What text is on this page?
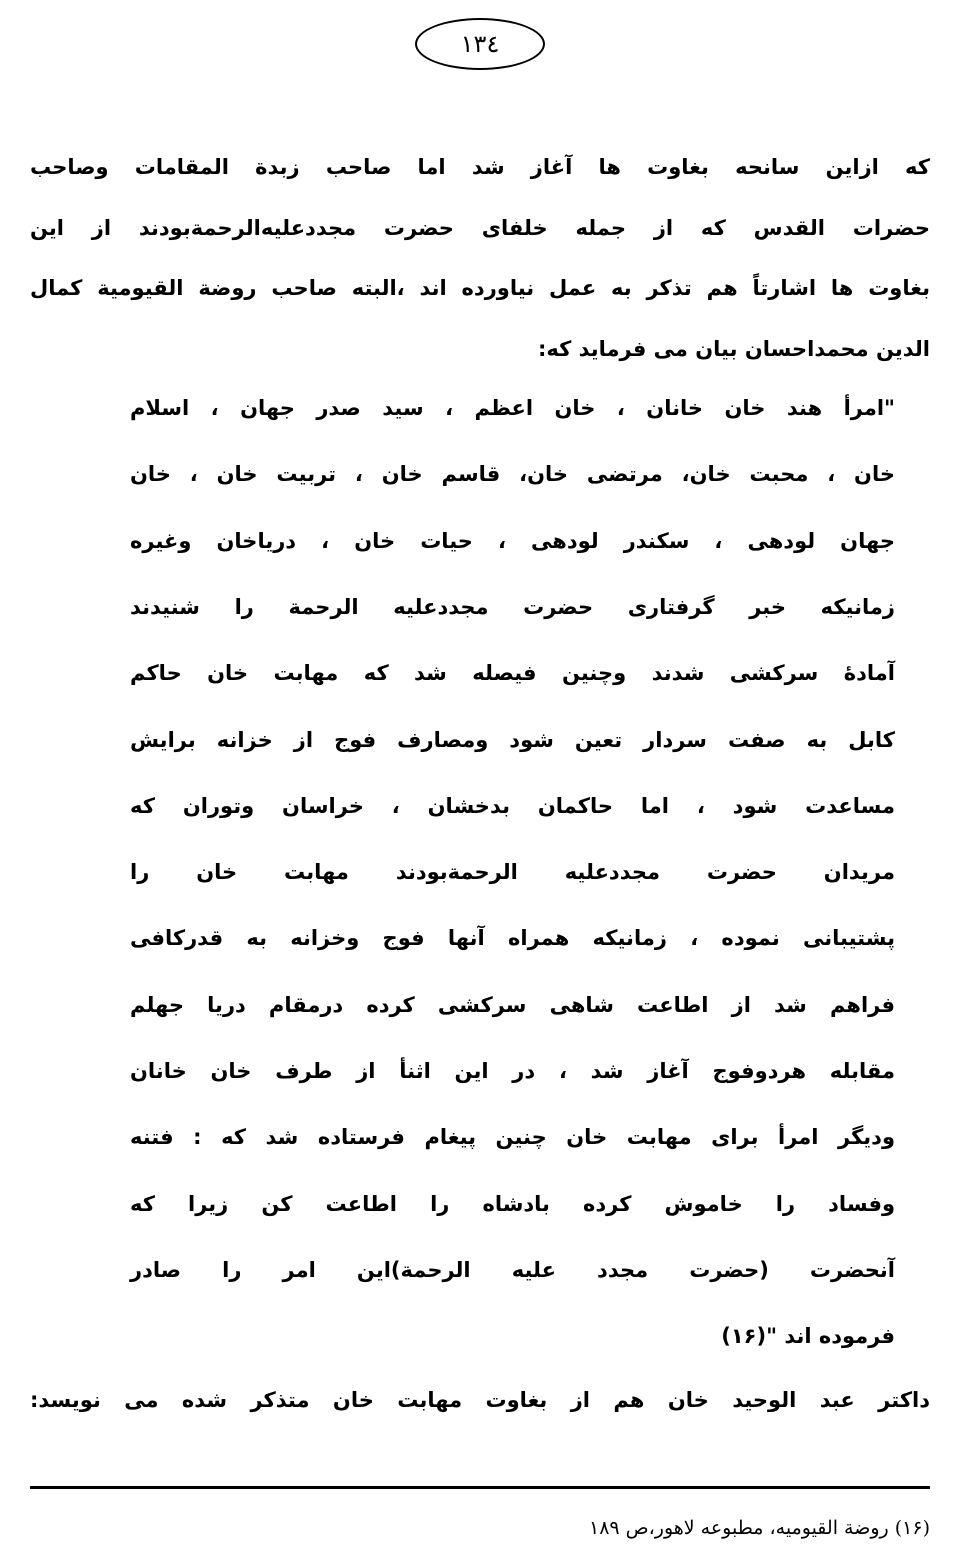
۱۳٤
که ازاین سانحه بغاوت ها آغاز شد اما صاحب زبدة المقامات وصاحب
حضرات القدس که از جمله خلفای حضرت مجددعلیه‌الرحمة‌بودند از این
بغاوت ها اشارتاً هم تذکر به عمل نیاورده اند ،البته صاحب روضة القیومیة کمال
الدین محمداحسان بیان می فرماید که:
"امرأ هند خان خانان ، خان اعظم ، سید صدر جهان ، اسلام
خان ، محبت خان، مرتضی خان، قاسم خان ، تربیت خان ، خان
جهان لودهی ، سکندر لودهی ، حیات خان ، دریاخان وغیره
زمانیکه خبر گرفتاری حضرت مجددعلیه الرحمة را شنیدند
آمادهٔ سرکشی شدند وچنین فیصله شد که مهابت خان حاکم
کابل به صفت سردار تعین شود ومصارف فوج از خزانه برایش
مساعدت شود ، اما حاکمان بدخشان ، خراسان وتوران که
مریدان حضرت مجددعلیه الرحمة‌بودند مهابت خان را
پشتیبانی نموده ، زمانیکه همراه آنها فوج وخزانه به قدرکافی
فراهم شد از اطاعت شاهی سرکشی کرده درمقام دریا جهلم
مقابله هردوفوج آغاز شد ، در این اثنأ از طرف خان خانان
ودیگر امرأ برای مهابت خان چنین پیغام فرستاده شد که : فتنه
وفساد را خاموش کرده بادشاه را اطاعت کن زیرا که
آنحضرت (حضرت مجدد علیه الرحمة)این امر را صادر
فرموده اند "(۱۶)
داکتر عبد الوحید خان هم از بغاوت مهابت خان متذکر شده می نویسد:
(۱۶) روضة القیومیه، مطبوعه لاهور،ص ۱۸۹
